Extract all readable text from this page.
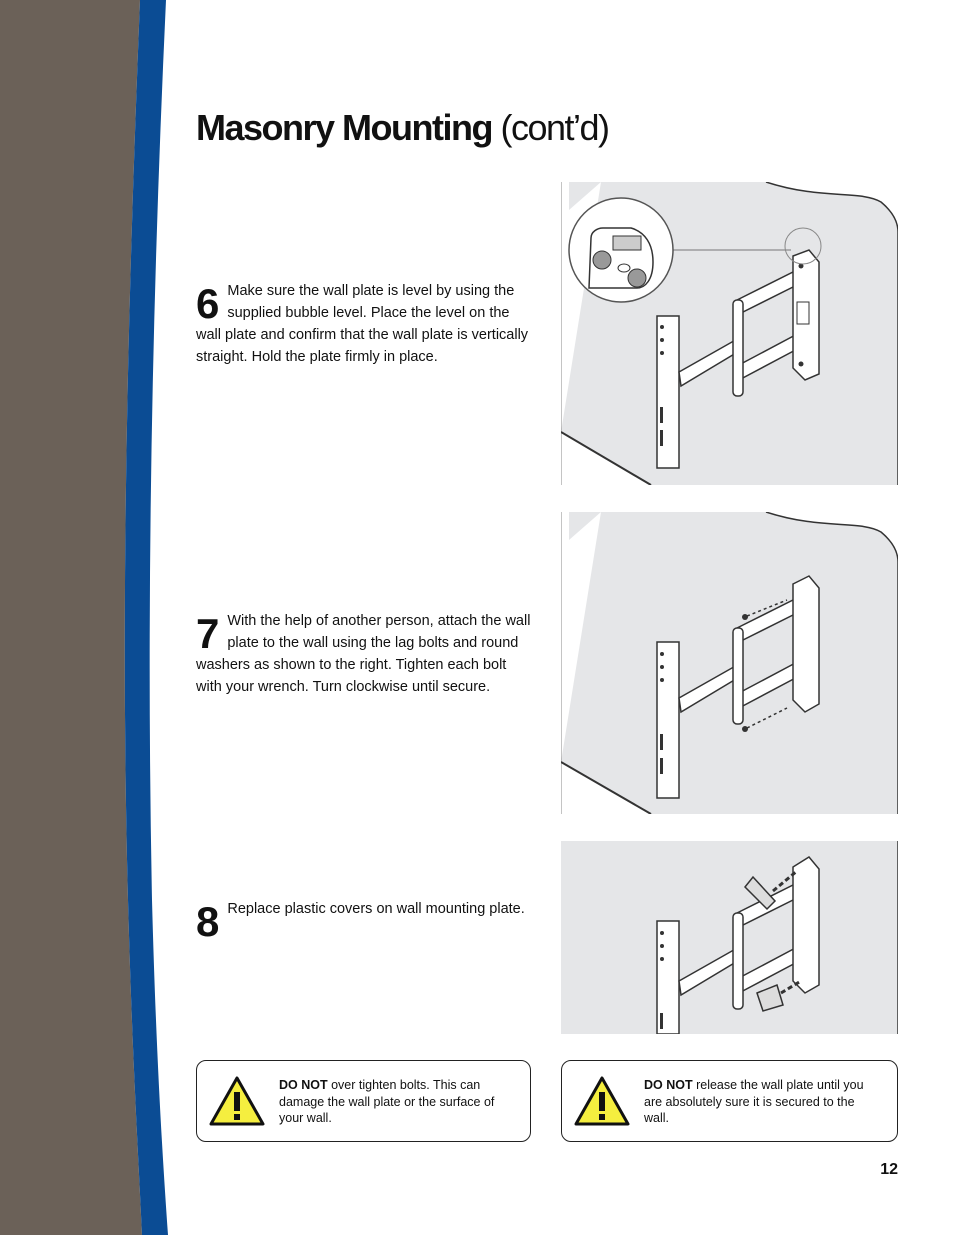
Masonry Mounting (cont’d)
6 Make sure the wall plate is level by using the supplied bubble level. Place the level on the wall plate and confirm that the wall plate is vertically straight. Hold the plate firmly in place.

7 With the help of another person, attach the wall plate to the wall using the lag bolts and round washers as shown to the right. Tighten each bolt with your wrench. Turn clockwise until secure.

8 Replace plastic covers on wall mounting plate.

DO NOT over tighten bolts. This can damage the wall plate or the surface of your wall.

DO NOT release the wall plate until you are absolutely sure it is secured to the wall.

12
